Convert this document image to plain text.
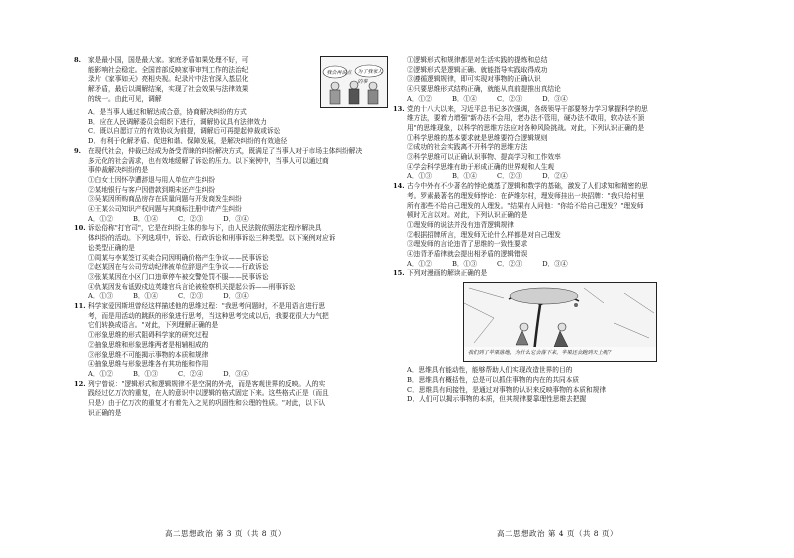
8. 家是最小国，国是最大家。家庭矛盾如果处理不好，可

能影响社会稳定。全国首部反映家事审判工作的法治纪

录片《家事如天》亮相央视。纪录片中法官深入基层化

解矛盾，最后以调解结案，实现了社会效果与法律效果

的统一。由此可见，调解

我会再说点 为了我家人的事

A．是当事人通过和解达成合意，协商解决纠纷的方式

B．应在人民调解委员会组织下进行，调解协议具有法律效力

C．既以自愿订立的有效协议为前提，调解后可再提起仲裁或诉讼

D．有利于化解矛盾、促进和谐、保障发展，是解决纠纷的有效途径

9. 在现代社会，仲裁已经成为备受青睐的纠纷解决方式，既满足了当事人对于市场主体纠纷解决

多元化的社会需求，也有效地缓解了诉讼的压力。以下案例中，当事人可以通过商

事仲裁解决纠纷的是

①白女士因怀孕遭辞退与用人单位产生纠纷

②某地银行与客户因借款到期未还产生纠纷

③吴某因所购商品房存在质量问题与开发商发生纠纷

④王某公司知识产权问题与其商标注册申请产生纠纷

A．①②　　　B．①④　　　C．②③　　　D．③④

10. 诉讼俗称"打官司"，它是在纠纷主体的参与下，由人民法院依照法定程序解决具

体纠纷的活动。下列选项中，诉讼、行政诉讼和刑事诉讼三种类型。以下案例对应诉

讼类型正确的是

①周某与李某签订买卖合同因明确价格产生争议——民事诉讼

②赵某因在与公司劳动纪律被单位辞退产生争议——行政诉讼

③张某某因在小区门口违章停车被交警处罚不服——民事诉讼

④仇某因发布诋毁戍边英雄官兵言论被检察机关提起公诉——刑事诉讼

A．①③　　　B．①④　　　C．②③　　　D．③④

11. 科学家爱因斯坦曾经这样描述他的思维过程："我思考问题时，不是用语言进行思

考，而是用活动的跳跃的形象进行思考，当这种思考完成以后，我要花很大力气把

它们转换成语言。"对此，下列理解正确的是

①形象思维的形式阻碍科学家的研究过程

②抽象思维和形象思维两者是相辅相成的

③形象思维不可能揭示事物的本质和规律

④抽象思维与形象思维各有其功能和作用

A．①②　　　B．①③　　　C．②④　　　D．③④

12. 列宁曾说："逻辑形式和逻辑规律不是空洞的外壳，而是客观世界的反映。人的实

践经过亿万次的重复，在人的意识中以逻辑的格式固定下来。这些格式正是（而且

只是）由于亿万次的重复才有着先入之见的巩固性和公理的性质。"对此，以下认

识正确的是

高二思想政治 第 3 页（共 8 页）

①逻辑形式和规律都是对生活实践的提炼和总结

②逻辑形式是逻辑正确、就能指导实践取得成功

③遵循逻辑规律，即可实现对事物的正确认识

④只要思维形式结构正确，就能从真前提推出真结论

A．①②　　　B．①④　　　C．②③　　　D．③④

13. 党的十八大以来，习近平总书记多次强调，各级领导干部要努力学习掌握科学的思

维方法，要着力增强"新办法不会用，老办法不管用，硬办法不敢用，软办法不顶

用"的思维现象，以科学的思维方法应对各种风险挑战。对此，下列认识正确的是

①科学思维的基本要求就是思维要符合逻辑规则

②成功的社会实践离不开科学的思维方法

③科学思维可以正确认识事物、提高学习和工作效率

④学会科学思维有助于形成正确的世界观和人生观

A．①③　　　B．①④　　　C．②③　　　D．②④

14. 古今中外有不少著名的悖论奠基了逻辑和数学的基础，激发了人们求知和精密的思

考。罗素最著名的理发师悖论：在萨维尔村，理发师挂出一块招牌："我只给村里

所有那些不给自己理发的人理发。"结果有人问他："你给不给自己理发？"理发师

顿时无言以对。对此，下列认识正确的是

①理发师的说法并没有违背逻辑规律

②根据招牌所言，理发师无论什么样都是对自己理发

③理发师的言论违背了思维的一致性要求

④违背矛盾律就会提出相矛盾的逻辑错误

A．①②　　　B．①③　　　C．②③　　　D．③④

15. 下列对漫画的解读正确的是

我们到了苹果落地，为什么它会落下来，苹果还会跑到天上呢？

A．思维具有能动性，能够帮助人们实现改造世界的目的

B．思维具有概括性，总是可以抓住事物的内在的共同本质

C．思维具有间接性，是通过对事物的认识来反映事物的本质和规律

D．人们可以揭示事物的本质，但其规律要靠理性思维去把握

高二思想政治 第 4 页（共 8 页）
